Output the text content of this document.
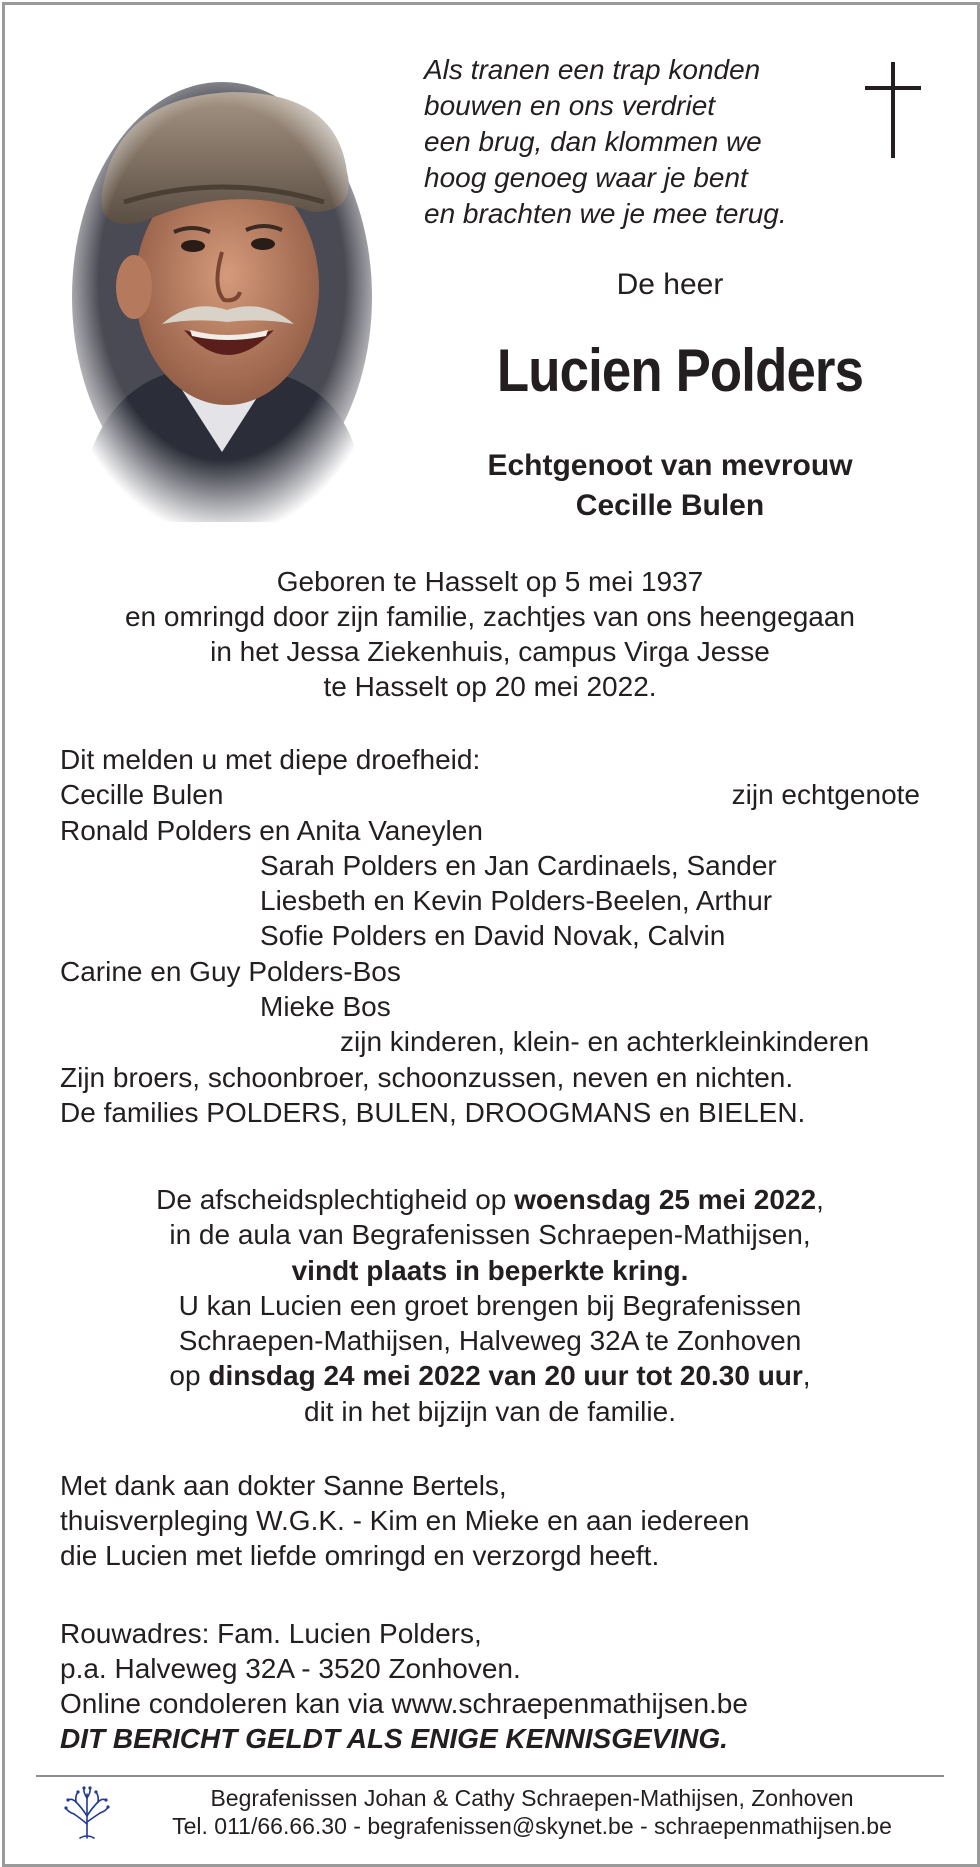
Als tranen een trap konden
bouwen en ons verdriet
een brug, dan klommen we
hoog genoeg waar je bent
en brachten we je mee terug.
De heer
Lucien Polders
Echtgenoot van mevrouw
Cecille Bulen
Geboren te Hasselt op 5 mei 1937
en omringd door zijn familie, zachtjes van ons heengegaan
in het Jessa Ziekenhuis, campus Virga Jesse
te Hasselt op 20 mei 2022.
Dit melden u met diepe droefheid:
Cecille Bulen	zijn echtgenote
Ronald Polders en Anita Vaneylen
Sarah Polders en Jan Cardinaels, Sander
Liesbeth en Kevin Polders-Beelen, Arthur
Sofie Polders en David Novak, Calvin
Carine en Guy Polders-Bos
Mieke Bos
zijn kinderen, klein- en achterkleinkinderen
Zijn broers, schoonbroer, schoonzussen, neven en nichten.
De families POLDERS, BULEN, DROOGMANS en BIELEN.
De afscheidsplechtigheid op woensdag 25 mei 2022,
in de aula van Begrafenissen Schraepen-Mathijsen,
vindt plaats in beperkte kring.
U kan Lucien een groet brengen bij Begrafenissen
Schraepen-Mathijsen, Halveweg 32A te Zonhoven
op dinsdag 24 mei 2022 van 20 uur tot 20.30 uur,
dit in het bijzijn van de familie.
Met dank aan dokter Sanne Bertels,
thuisverpleging W.G.K. - Kim en Mieke en aan iedereen
die Lucien met liefde omringd en verzorgd heeft.
Rouwadres: Fam. Lucien Polders,
p.a. Halveweg 32A - 3520 Zonhoven.
Online condoleren kan via www.schraepenmathijsen.be
DIT BERICHT GELDT ALS ENIGE KENNISGEVING.
Begrafenissen Johan & Cathy Schraepen-Mathijsen, Zonhoven
Tel. 011/66.66.30 - begrafenissen@skynet.be - schraepenmathijsen.be
